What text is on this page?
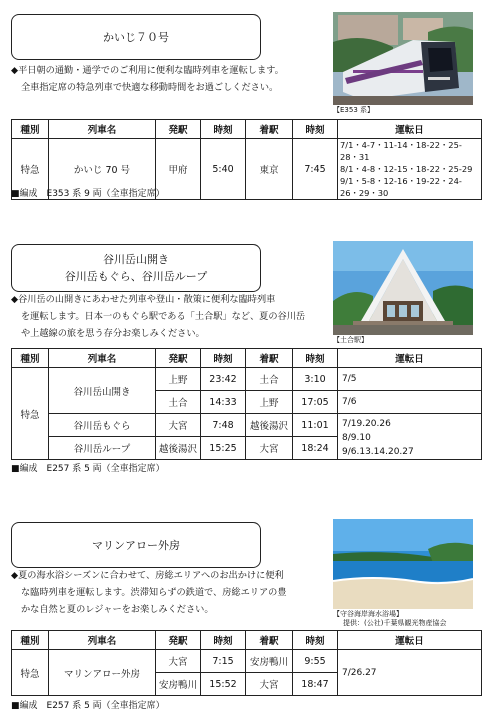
かいじ７０号
◆平日朝の通勤・通学でのご利用に便利な臨時列車を運転します。
全車指定席の特急列車で快適な移動時間をお過ごしください。
【E353 系】
種別	列車名	発駅	時刻	着駅	時刻	運転日
特急	かいじ 70 号	甲府	5:40	東京	7:45	7/1・4-7・11-14・18-22・25-28・31
8/1・4-8・12-15・18-22・25-29
9/1・5-8・12-16・19-22・24-26・29・30
■編成　E353 系 9 両（全車指定席）
谷川岳山開き
谷川岳もぐら、谷川岳ループ
◆谷川岳の山開きにあわせた列車や登山・散策に便利な臨時列車
を運転します。日本一のもぐら駅である「土合駅」など、夏の谷川岳
や上越線の旅を思う存分お楽しみください。
【土合駅】
種別	列車名	発駅	時刻	着駅	時刻	運転日
特急	谷川岳山開き	上野	23:42	土合	3:10	7/5
		土合	14:33	上野	17:05	7/6
	谷川岳もぐら	大宮	7:48	越後湯沢	11:01	7/19.20.26
8/9.10
9/6.13.14.20.27

	谷川岳ループ	越後湯沢	15:25	大宮	18:24	
■編成　E257 系 5 両（全車指定席）
マリンアロー外房
◆夏の海水浴シーズンに合わせて、房総エリアへのお出かけに便利
な臨時列車を運転します。渋滞知らずの鉄道で、房総エリアの豊
かな自然と夏のレジャーをお楽しみください。	【守谷海岸海水浴場】
提供：(公社)千葉県観光物産協会
種別	列車名	発駅	時刻	着駅	時刻	運転日
特急	マリンアロー外房	大宮	7:15	安房鴨川	9:55	7/26.27
		安房鴨川	15:52	大宮	18:47	
■編成　E257 系 5 両（全車指定席）
